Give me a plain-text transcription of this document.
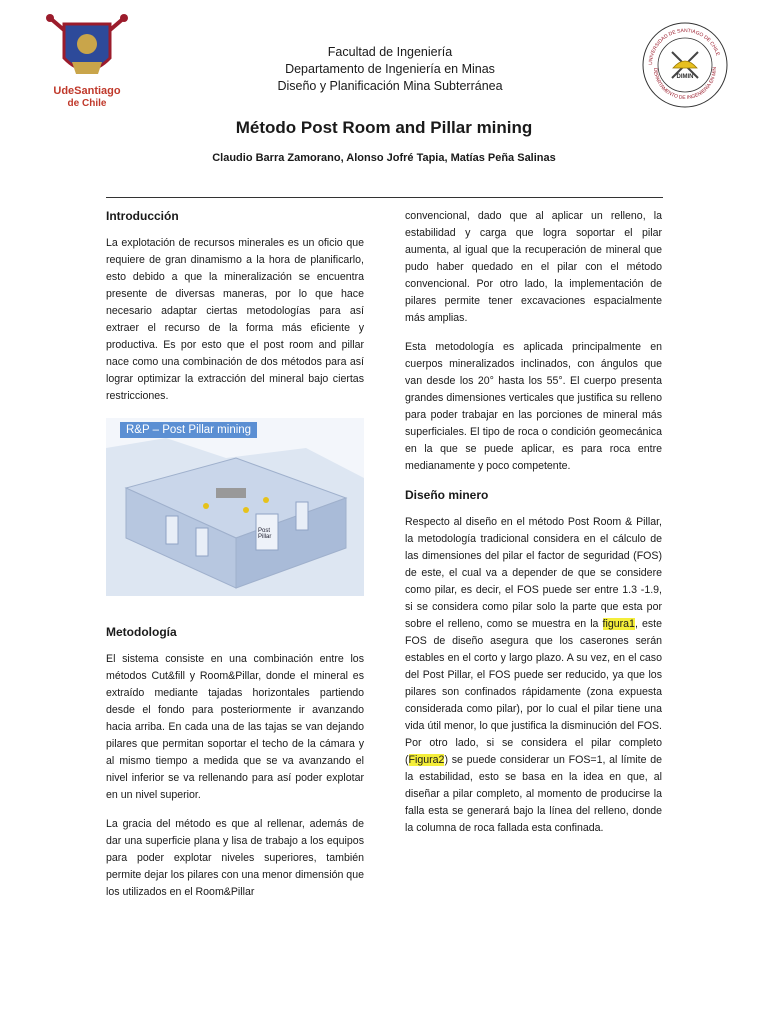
UdeSantiago
de Chile
UNIVERSIDAD DE SANTIAGO DE CHILE
DEPARTAMENTO DE INGENIERÍA EN MIN
DIMIN
Facultad de Ingeniería
Departamento de Ingeniería en Minas
Diseño y Planificación Mina Subterránea
Método Post Room and Pillar mining
Claudio Barra Zamorano, Alonso Jofré Tapia, Matías Peña Salinas
Introducción

La explotación de recursos minerales es un oficio que requiere de gran dinamismo a la hora de planificarlo, esto debido a que la mineralización se encuentra presente de diversas maneras, por lo que hace necesario adaptar ciertas metodologías para así extraer el recurso de la forma más eficiente y productiva. Es por esto que el post room and pillar nace como una combinación de dos métodos para así lograr optimizar la extracción del mineral bajo ciertas restricciones.

R&P – Post Pillar mining
Post
Pillar
Metodología

El sistema consiste en una combinación entre los métodos Cut&fill y Room&Pillar, donde el mineral es extraído mediante tajadas horizontales partiendo desde el fondo para posteriormente ir avanzando hacia arriba. En cada una de las tajas se van dejando pilares que permitan soportar el techo de la cámara y al mismo tiempo a medida que se va avanzando el nivel inferior se va rellenando para así poder explotar en un nivel superior.

La gracia del método es que al rellenar, además de dar una superficie plana y lisa de trabajo a los equipos para poder explotar niveles superiores, también permite dejar los pilares con una menor dimensión que los utilizados en el Room&Pillar

convencional, dado que al aplicar un relleno, la estabilidad y carga que logra soportar el pilar aumenta, al igual que la recuperación de mineral que pudo haber quedado en el pilar con el método convencional. Por otro lado, la implementación de pilares permite tener excavaciones espacialmente más amplias.

Esta metodología es aplicada principalmente en cuerpos mineralizados inclinados, con ángulos que van desde los 20° hasta los 55°. El cuerpo presenta grandes dimensiones verticales que justifica su relleno para poder trabajar en las porciones de mineral más superficiales. El tipo de roca o condición geomecánica en la que se puede aplicar, es para roca entre medianamente y poco competente.

Diseño minero

Respecto al diseño en el método Post Room & Pillar, la metodología tradicional considera en el cálculo de las dimensiones del pilar el factor de seguridad (FOS) de este, el cual va a depender de que se considere como pilar, es decir, el FOS puede ser entre 1.3 -1.9, si se considera como pilar solo la parte que esta por sobre el relleno, como se muestra en la figura1, este FOS de diseño asegura que los caserones serán estables en el corto y largo plazo. A su vez, en el caso del Post Pillar, el FOS puede ser reducido, ya que los pilares son confinados rápidamente (zona expuesta considerada como pilar), por lo cual el pilar tiene una vida útil menor, lo que justifica la disminución del FOS. Por otro lado, si se considera el pilar completo (Figura2) se puede considerar un FOS=1, al límite de la estabilidad, esto se basa en la idea en que, al diseñar a pilar completo, al momento de producirse la falla esta se generará bajo la línea del relleno, donde la columna de roca fallada esta confinada.
